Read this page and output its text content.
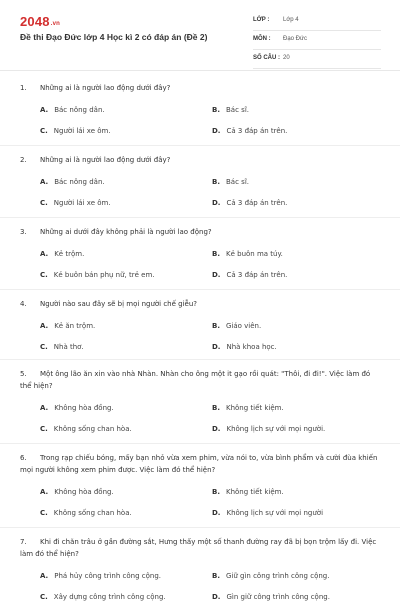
2048.vn
Đề thi Đạo Đức lớp 4 Học kì 2 có đáp án (Đề 2)
LỚP : Lớp 4
MÔN : Đạo Đức
SỐ CÂU : 20
1. Những ai là người lao động dưới đây?
A. Bác nông dân.	B. Bác sĩ.
C. Người lái xe ôm.	D. Cả 3 đáp án trên.
2. Những ai là người lao động dưới đây?
A. Bác nông dân.	B. Bác sĩ.
C. Người lái xe ôm.	D. Cả 3 đáp án trên.
3. Những ai dưới đây không phải là người lao động?
A. Kẻ trộm.	B. Kẻ buôn ma túy.
C. Kẻ buôn bán phụ nữ, trẻ em.	D. Cả 3 đáp án trên.
4. Người nào sau đây sẽ bị mọi người chế giễu?
A. Kẻ ăn trộm.	B. Giáo viên.
C. Nhà thơ.	D. Nhà khoa học.
5. Một ông lão ăn xin vào nhà Nhàn. Nhàn cho ông một it gạo rồi quát: "Thôi, đi đi!". Việc làm đó thể hiện?
A. Không hòa đồng.	B. Không tiết kiệm.
C. Không sống chan hòa.	D. Không lịch sự với mọi người.
6. Trong rạp chiếu bóng, mấy bạn nhỏ vừa xem phim, vừa nói to, vừa bình phẩm và cười đùa khiến mọi người không xem phim được. Việc làm đó thể hiện?
A. Không hòa đồng.	B. Không tiết kiệm.
C. Không sống chan hòa.	D. Không lịch sự với mọi người
7. Khi đi chăn trâu ở gần đường sắt, Hưng thấy một số thanh đường ray đã bị bọn trộm lấy đi. Việc làm đó thể hiện?
A. Phá hủy công trình công cộng.	B. Giữ gìn công trình công cộng.
C. Xây dựng công trình công cộng.	D. Gìn giữ công trình công cộng.
